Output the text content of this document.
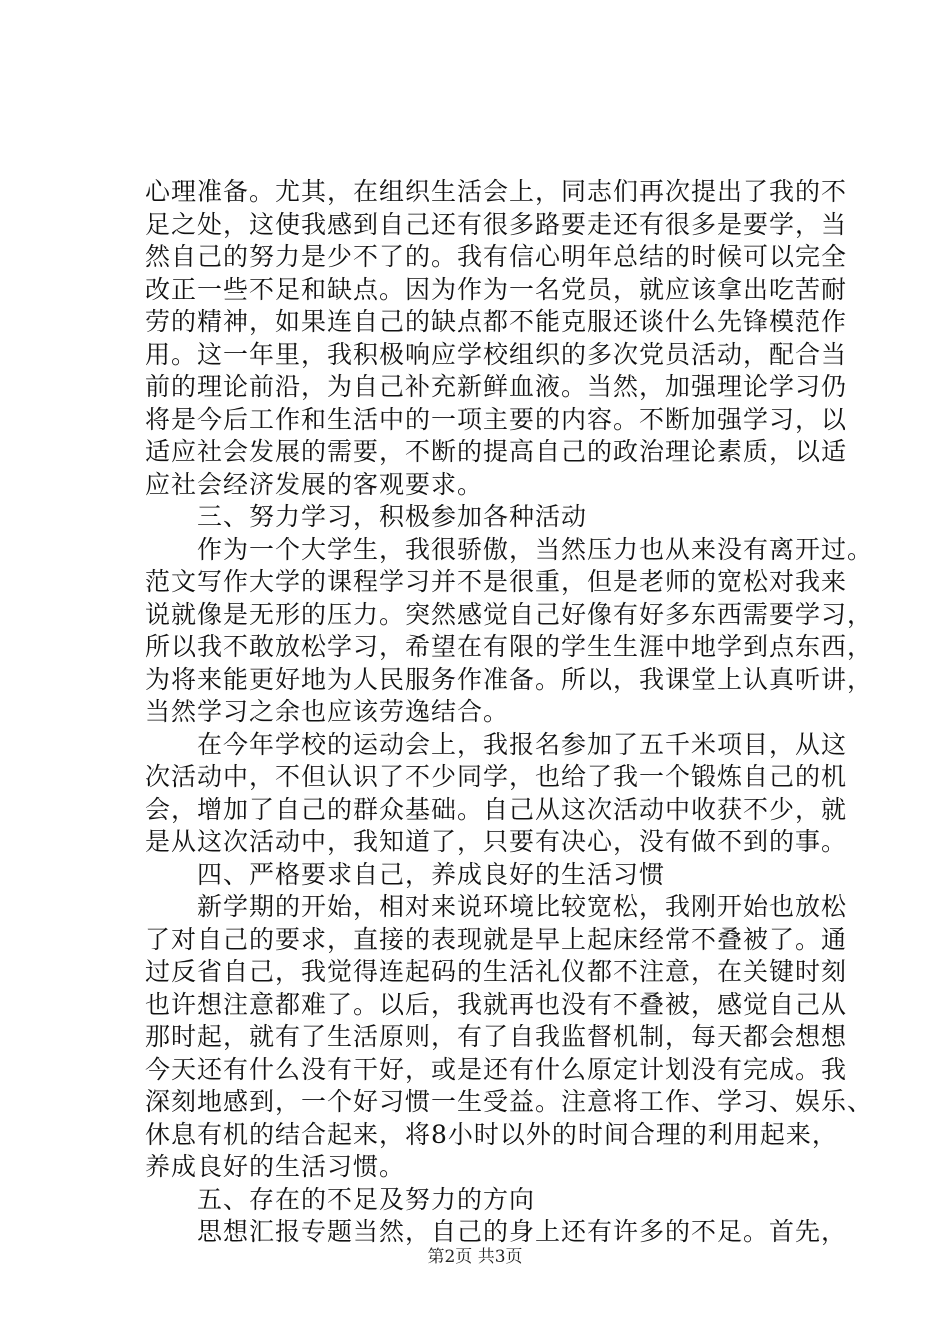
心理准备。尤其，在组织生活会上，同志们再次提出了我的不
足之处，这使我感到自己还有很多路要走还有很多是要学，当
然自己的努力是少不了的。我有信心明年总结的时候可以完全
改正一些不足和缺点。因为作为一名党员，就应该拿出吃苦耐
劳的精神，如果连自己的缺点都不能克服还谈什么先锋模范作
用。这一年里，我积极响应学校组织的多次党员活动，配合当
前的理论前沿，为自己补充新鲜血液。当然，加强理论学习仍
将是今后工作和生活中的一项主要的内容。不断加强学习，以
适应社会发展的需要，不断的提高自己的政治理论素质，以适
应社会经济发展的客观要求。
　　三、努力学习，积极参加各种活动
　　作为一个大学生，我很骄傲，当然压力也从来没有离开过。
范文写作大学的课程学习并不是很重，但是老师的宽松对我来
说就像是无形的压力。突然感觉自己好像有好多东西需要学习，
所以我不敢放松学习，希望在有限的学生生涯中地学到点东西，
为将来能更好地为人民服务作准备。所以，我课堂上认真听讲，
当然学习之余也应该劳逸结合。
　　在今年学校的运动会上，我报名参加了五千米项目，从这
次活动中，不但认识了不少同学，也给了我一个锻炼自己的机
会，增加了自己的群众基础。自己从这次活动中收获不少，就
是从这次活动中，我知道了，只要有决心，没有做不到的事。
　　四、严格要求自己，养成良好的生活习惯
　　新学期的开始，相对来说环境比较宽松，我刚开始也放松
了对自己的要求，直接的表现就是早上起床经常不叠被了。通
过反省自己，我觉得连起码的生活礼仪都不注意，在关键时刻
也许想注意都难了。以后，我就再也没有不叠被，感觉自己从
那时起，就有了生活原则，有了自我监督机制，每天都会想想
今天还有什么没有干好，或是还有什么原定计划没有完成。我
深刻地感到，一个好习惯一生受益。注意将工作、学习、娱乐、
休息有机的结合起来，将8小时以外的时间合理的利用起来，
养成良好的生活习惯。
　　五、存在的不足及努力的方向
　　思想汇报专题当然，自己的身上还有许多的不足。首先，
第2页 共3页
